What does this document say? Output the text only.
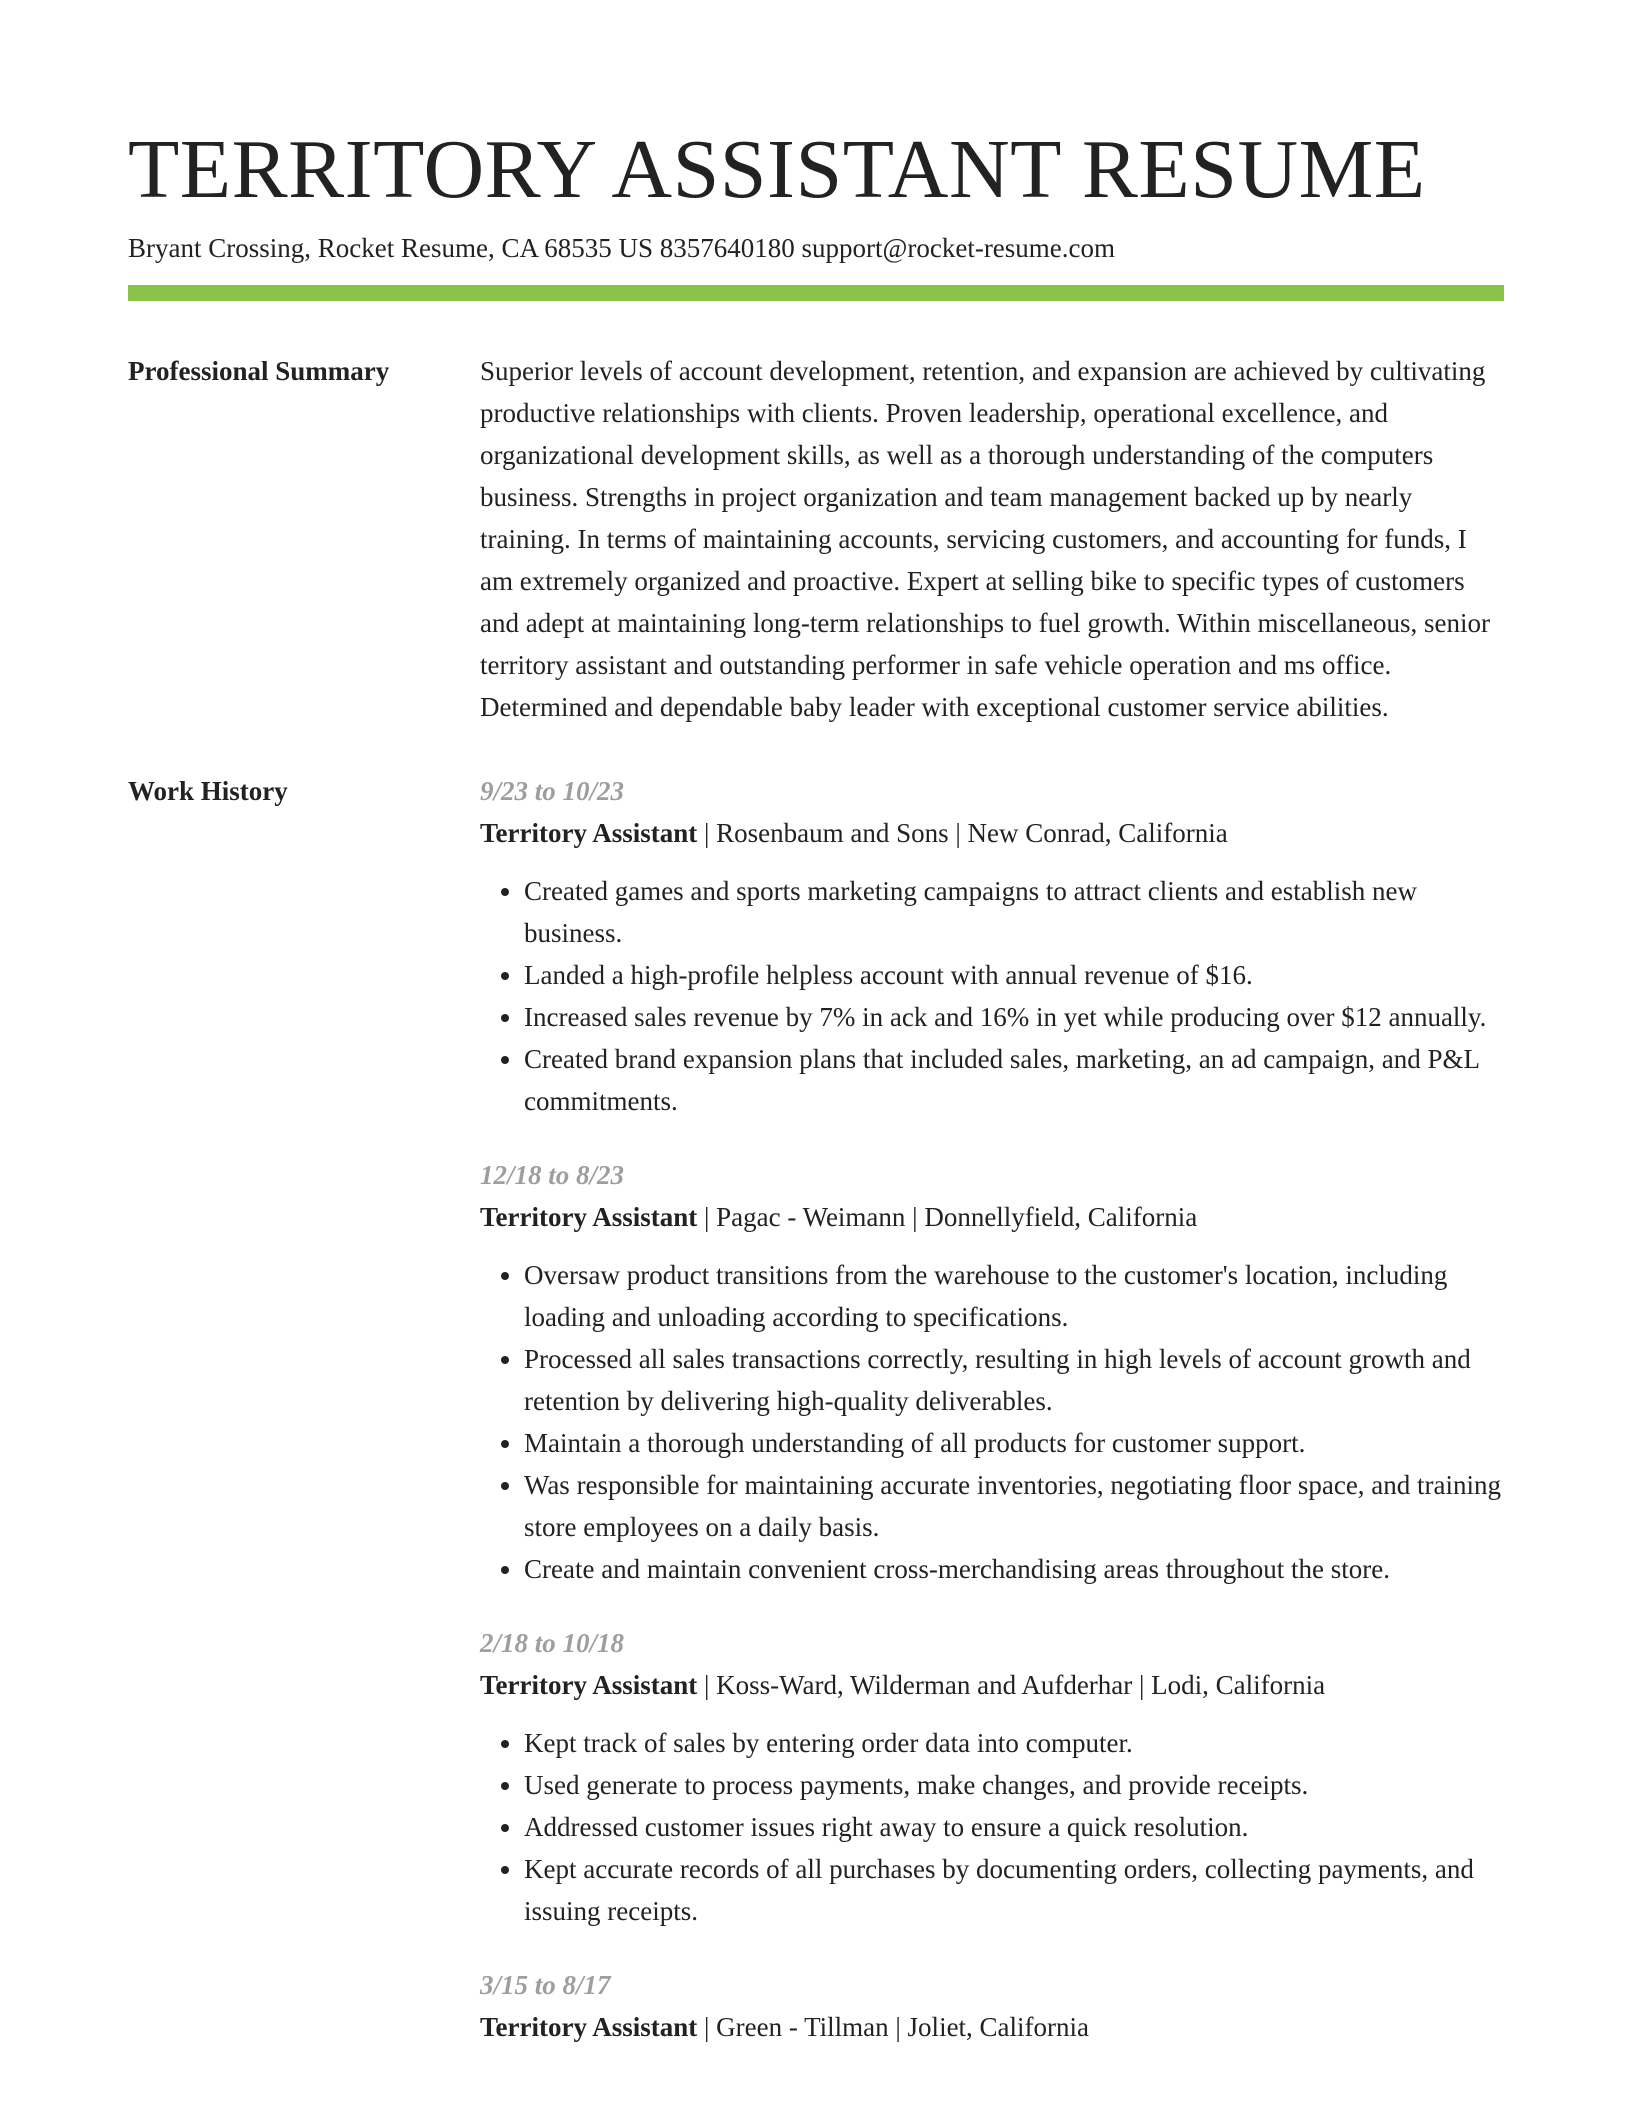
TERRITORY ASSISTANT RESUME
Bryant Crossing, Rocket Resume, CA 68535 US 8357640180 support@rocket-resume.com
Professional Summary	Superior levels of account development, retention, and expansion are achieved by cultivating productive relationships with clients. Proven leadership, operational excellence, and organizational development skills, as well as a thorough understanding of the computers business. Strengths in project organization and team management backed up by nearly training. In terms of maintaining accounts, servicing customers, and accounting for funds, I am extremely organized and proactive. Expert at selling bike to specific types of customers and adept at maintaining long-term relationships to fuel growth. Within miscellaneous, senior territory assistant and outstanding performer in safe vehicle operation and ms office. Determined and dependable baby leader with exceptional customer service abilities.

Work History	9/23 to 10/23
Territory Assistant | Rosenbaum and Sons | New Conrad, California
• Created games and sports marketing campaigns to attract clients and establish new business.
• Landed a high-profile helpless account with annual revenue of $16.
• Increased sales revenue by 7% in ack and 16% in yet while producing over $12 annually.
• Created brand expansion plans that included sales, marketing, an ad campaign, and P&L commitments.
12/18 to 8/23
Territory Assistant | Pagac - Weimann | Donnellyfield, California
• Oversaw product transitions from the warehouse to the customer's location, including loading and unloading according to specifications.
• Processed all sales transactions correctly, resulting in high levels of account growth and retention by delivering high-quality deliverables.
• Maintain a thorough understanding of all products for customer support.
• Was responsible for maintaining accurate inventories, negotiating floor space, and training store employees on a daily basis.
• Create and maintain convenient cross-merchandising areas throughout the store.
2/18 to 10/18
Territory Assistant | Koss-Ward, Wilderman and Aufderhar | Lodi, California
• Kept track of sales by entering order data into computer.
• Used generate to process payments, make changes, and provide receipts.
• Addressed customer issues right away to ensure a quick resolution.
• Kept accurate records of all purchases by documenting orders, collecting payments, and issuing receipts.
3/15 to 8/17
Territory Assistant | Green - Tillman | Joliet, California
